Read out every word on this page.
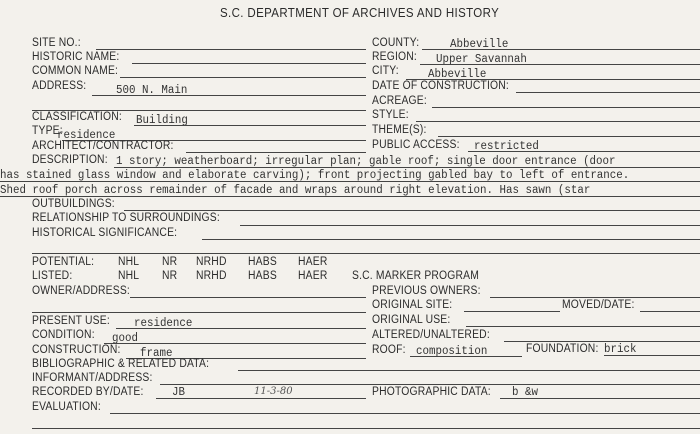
S.C. DEPARTMENT OF ARCHIVES AND HISTORY
SITE NO.:
HISTORIC NAME:
COMMON NAME:
ADDRESS:	500 N. Main
CLASSIFICATION: Building
TYPE:
residence
ARCHITECT/CONTRACTOR:
COUNTY:	Abbeville
REGION: Upper Savannah
CITY:	Abbeville
DATE OF CONSTRUCTION:
ACREAGE:
STYLE:
THEME(S):
PUBLIC ACCESS: restricted
DESCRIPTION: 1 story; weatherboard; irregular plan; gable roof; single door entrance (door
has stained glass window and elaborate carving); front projecting gabled bay to left of entrance.
Shed roof porch across remainder of facade and wraps around right elevation. Has sawn (star
OUTBUILDINGS:
RELATIONSHIP TO SURROUNDINGS:
HISTORICAL SIGNIFICANCE:
POTENTIAL: NHL NR NRHD HABS HAER
LISTED:	NHL NR NRHD HABS HAER S.C. MARKER PROGRAM
OWNER/ADDRESS:	PREVIOUS OWNERS:
ORIGINAL SITE:	MOVED/DATE:
PRESENT USE: residence	ORIGINAL USE:
CONDITION: good	ALTERED/UNALTERED:
CONSTRUCTION: frame	ROOF: composition	FOUNDATION: brick
BIBLIOGRAPHIC & RELATED DATA:
INFORMANT/ADDRESS:
RECORDED BY/DATE: JB	11-3-80	PHOTOGRAPHIC DATA: b &w
EVALUATION:
